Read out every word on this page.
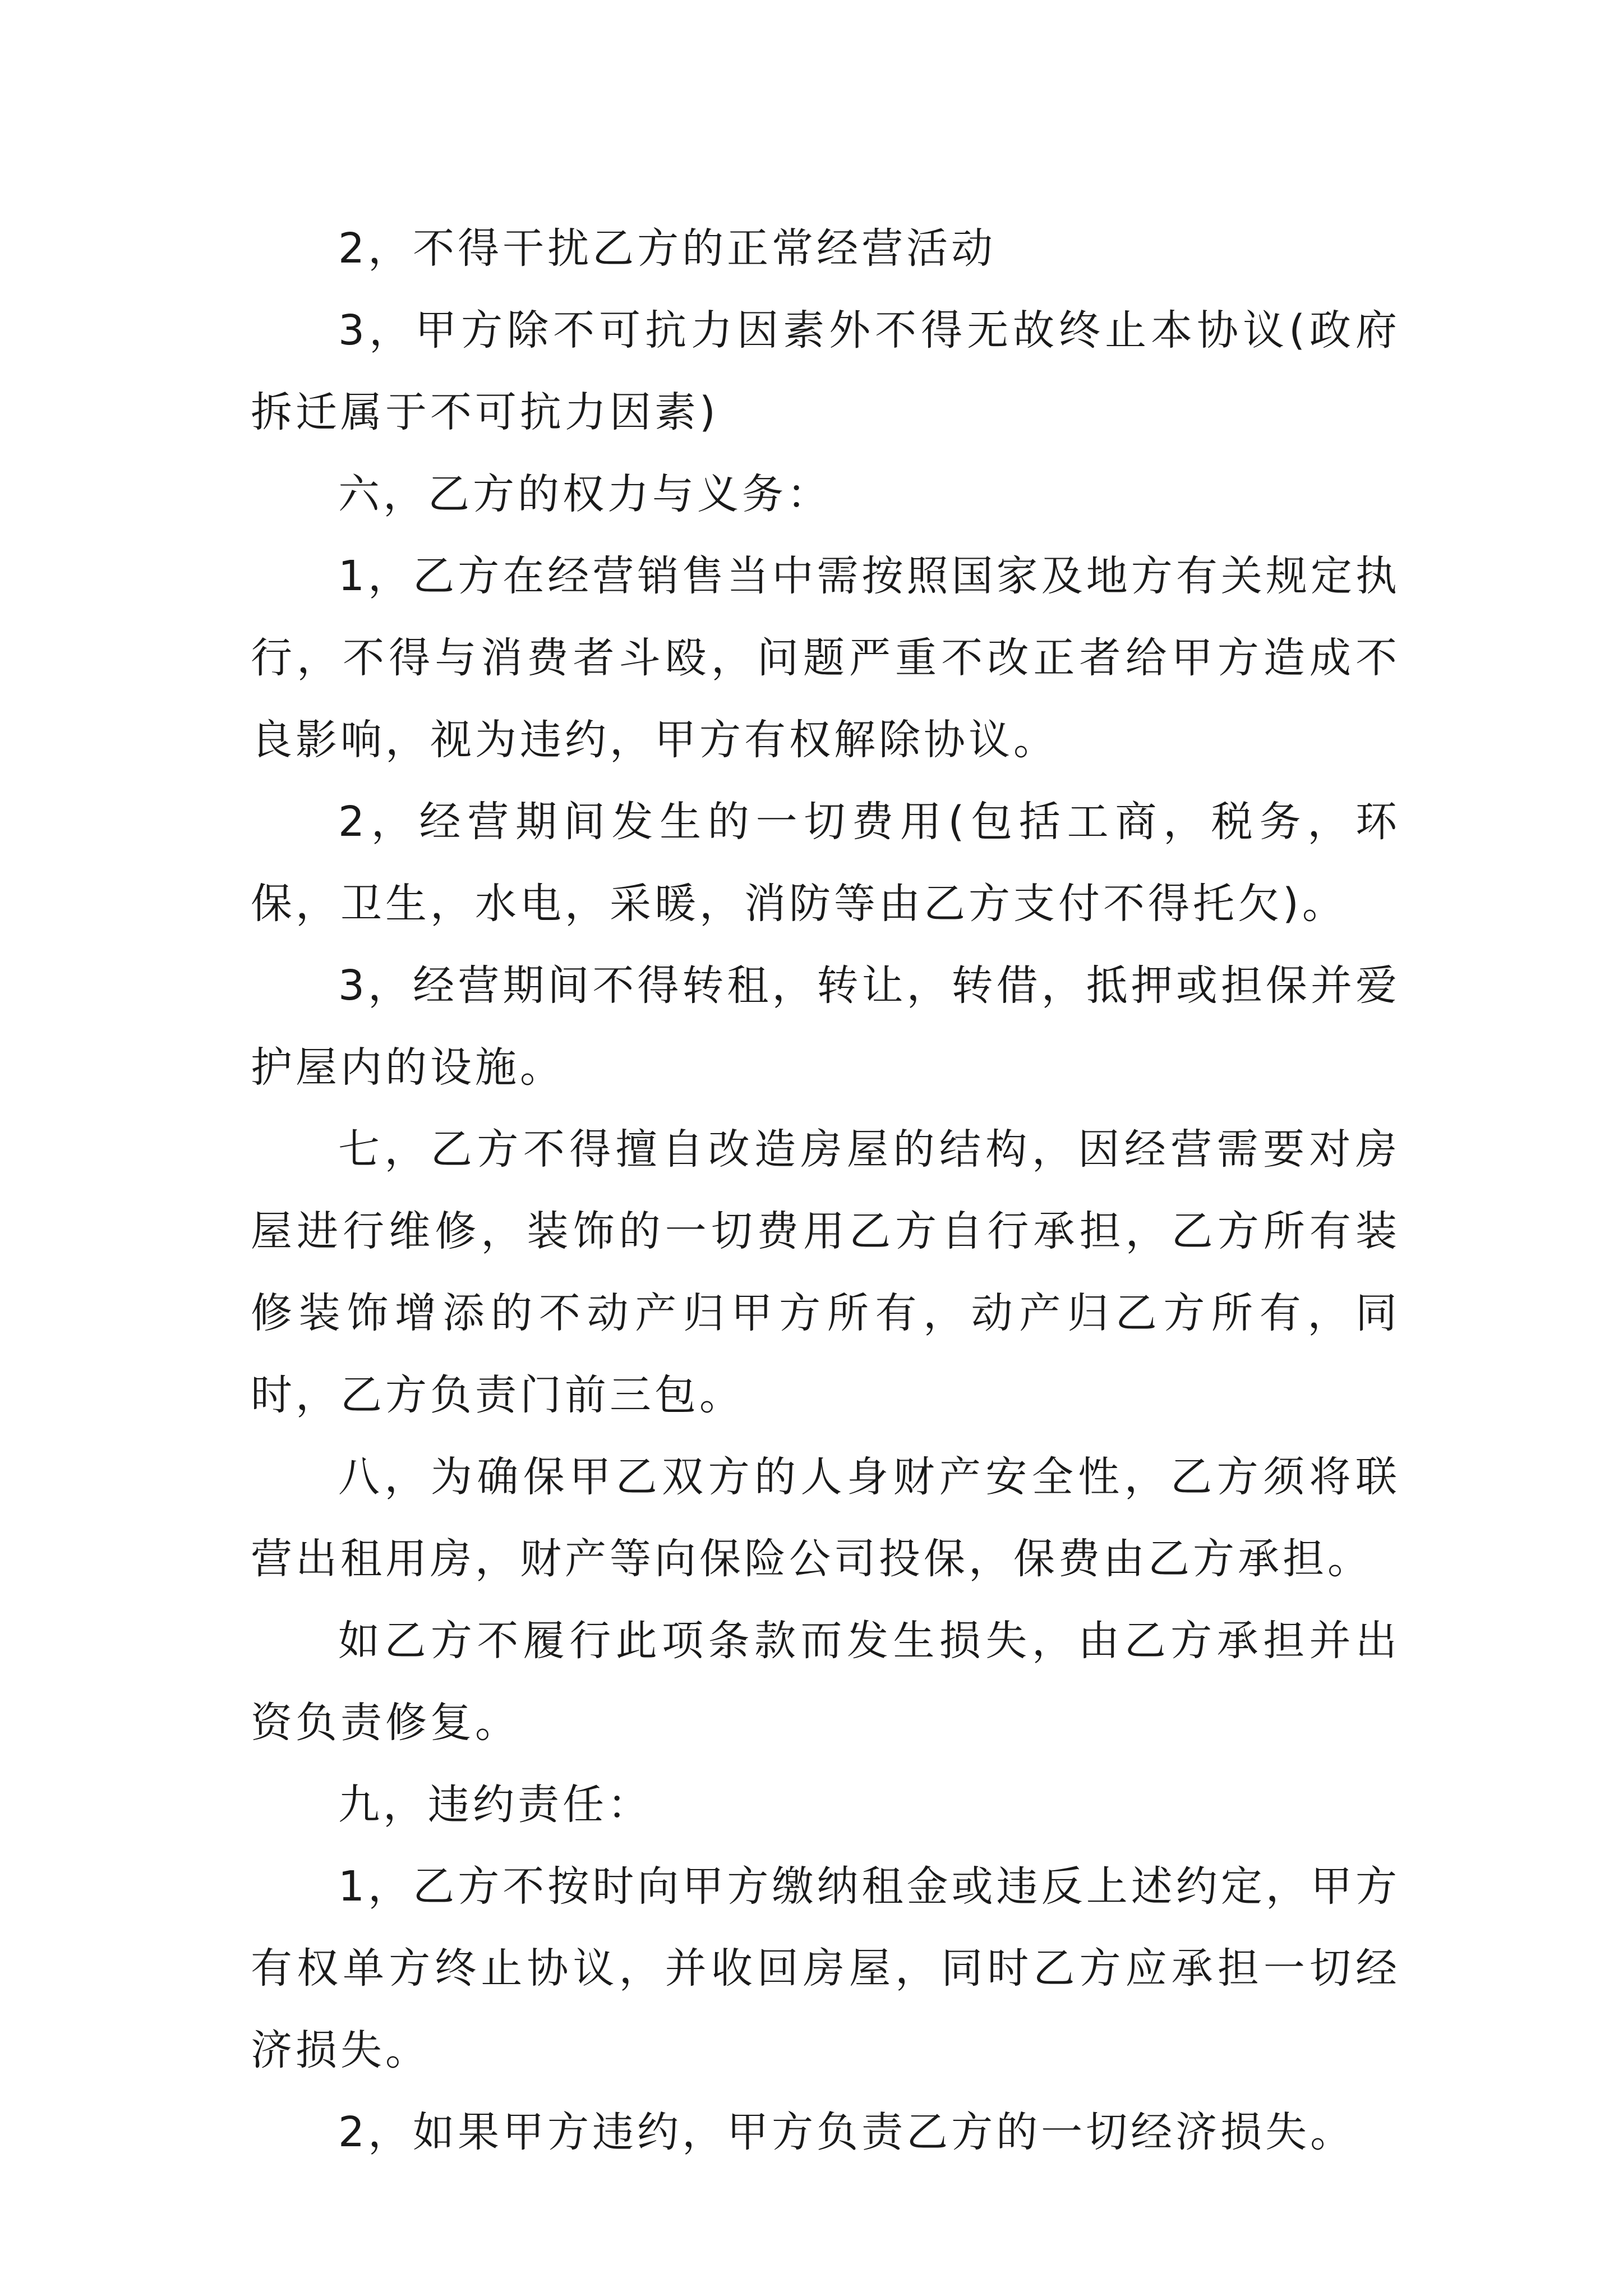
2，不得干扰乙方的正常经营活动

3，甲方除不可抗力因素外不得无故终止本协议(政府拆迁属于不可抗力因素)

六，乙方的权力与义务：

1，乙方在经营销售当中需按照国家及地方有关规定执行，不得与消费者斗殴，问题严重不改正者给甲方造成不良影响，视为违约，甲方有权解除协议。

2，经营期间发生的一切费用(包括工商，税务，环保，卫生，水电，采暖，消防等由乙方支付不得托欠)。

3，经营期间不得转租，转让，转借，抵押或担保并爱护屋内的设施。

七，乙方不得擅自改造房屋的结构，因经营需要对房屋进行维修，装饰的一切费用乙方自行承担，乙方所有装修装饰增添的不动产归甲方所有，动产归乙方所有，同时，乙方负责门前三包。

八，为确保甲乙双方的人身财产安全性，乙方须将联营出租用房，财产等向保险公司投保，保费由乙方承担。

如乙方不履行此项条款而发生损失，由乙方承担并出资负责修复。

九，违约责任：

1，乙方不按时向甲方缴纳租金或违反上述约定，甲方有权单方终止协议，并收回房屋，同时乙方应承担一切经济损失。

2，如果甲方违约，甲方负责乙方的一切经济损失。
